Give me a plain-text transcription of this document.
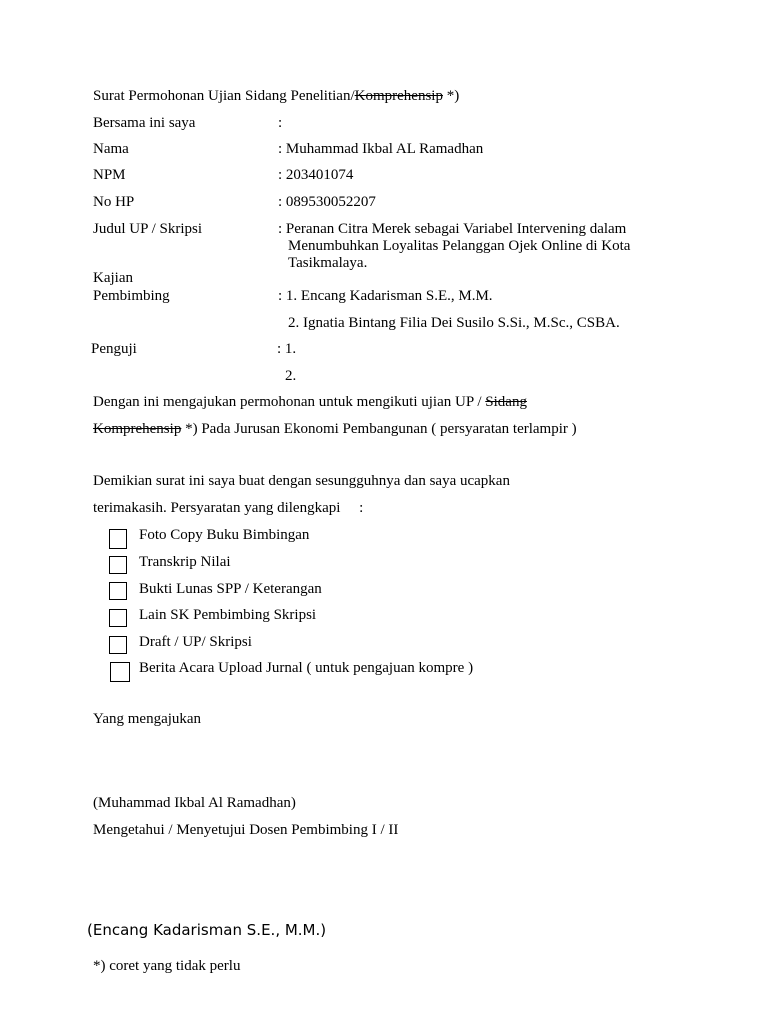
Surat Permohonan Ujian Sidang Penelitian/Komprehensip *)
Bersama ini saya	:
Nama	: Muhammad Ikbal AL Ramadhan
NPM	: 203401074
No HP	: 089530052207
Judul UP / Skripsi	: Peranan Citra Merek sebagai Variabel Intervening dalam
Menumbuhkan Loyalitas Pelanggan Ojek Online di Kota
Tasikmalaya.
Kajian
Pembimbing	: 1. Encang Kadarisman S.E., M.M.
2. Ignatia Bintang Filia Dei Susilo S.Si., M.Sc., CSBA.
Penguji	: 1.
2.
Dengan ini mengajukan permohonan untuk mengikuti ujian UP / Sidang
Komprehensip *) Pada Jurusan Ekonomi Pembangunan ( persyaratan terlampir )
Demikian surat ini saya buat dengan sesungguhnya dan saya ucapkan
terimakasih. Persyaratan yang dilengkapi     :
Foto Copy Buku Bimbingan
Transkrip Nilai
Bukti Lunas SPP / Keterangan
Lain SK Pembimbing Skripsi
Draft / UP/ Skripsi
Berita Acara Upload Jurnal ( untuk pengajuan kompre )
Yang mengajukan
(Muhammad Ikbal Al Ramadhan)
Mengetahui / Menyetujui Dosen Pembimbing I / II
(Encang Kadarisman S.E., M.M.)
*) coret yang tidak perlu
